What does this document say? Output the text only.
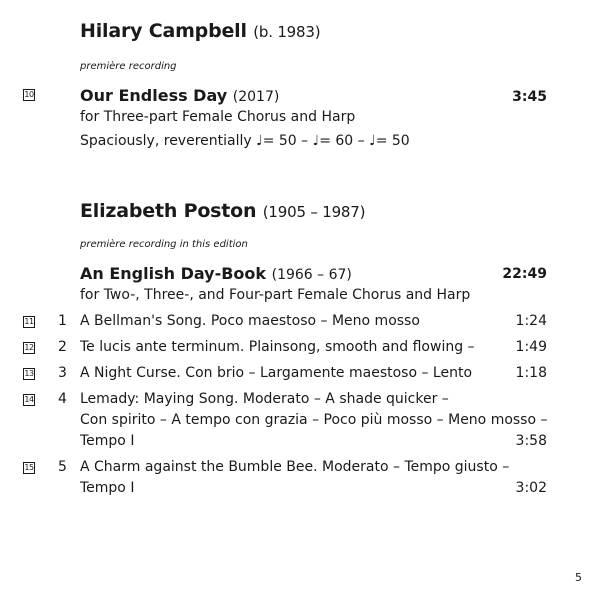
Hilary Campbell (b. 1983)
première recording
10	Our Endless Day (2017)	3:45
for Three-part Female Chorus and Harp
Spaciously, reverentially ♩= 50 – ♩= 60 – ♩= 50
Elizabeth Poston (1905 – 1987)
première recording in this edition
An English Day-Book (1966 – 67)	22:49
for Two-, Three-, and Four-part Female Chorus and Harp
11 1 A Bellman's Song. Poco maestoso – Meno mosso	1:24
12 2 Te lucis ante terminum. Plainsong, smooth and flowing –	1:49
13 3 A Night Curse. Con brio – Largamente maestoso – Lento	1:18
14 4 Lemady: Maying Song. Moderato – A shade quicker –
Con spirito – A tempo con grazia – Poco più mosso – Meno mosso –
Tempo I	3:58
15 5 A Charm against the Bumble Bee. Moderato – Tempo giusto –
Tempo I	3:02
5
